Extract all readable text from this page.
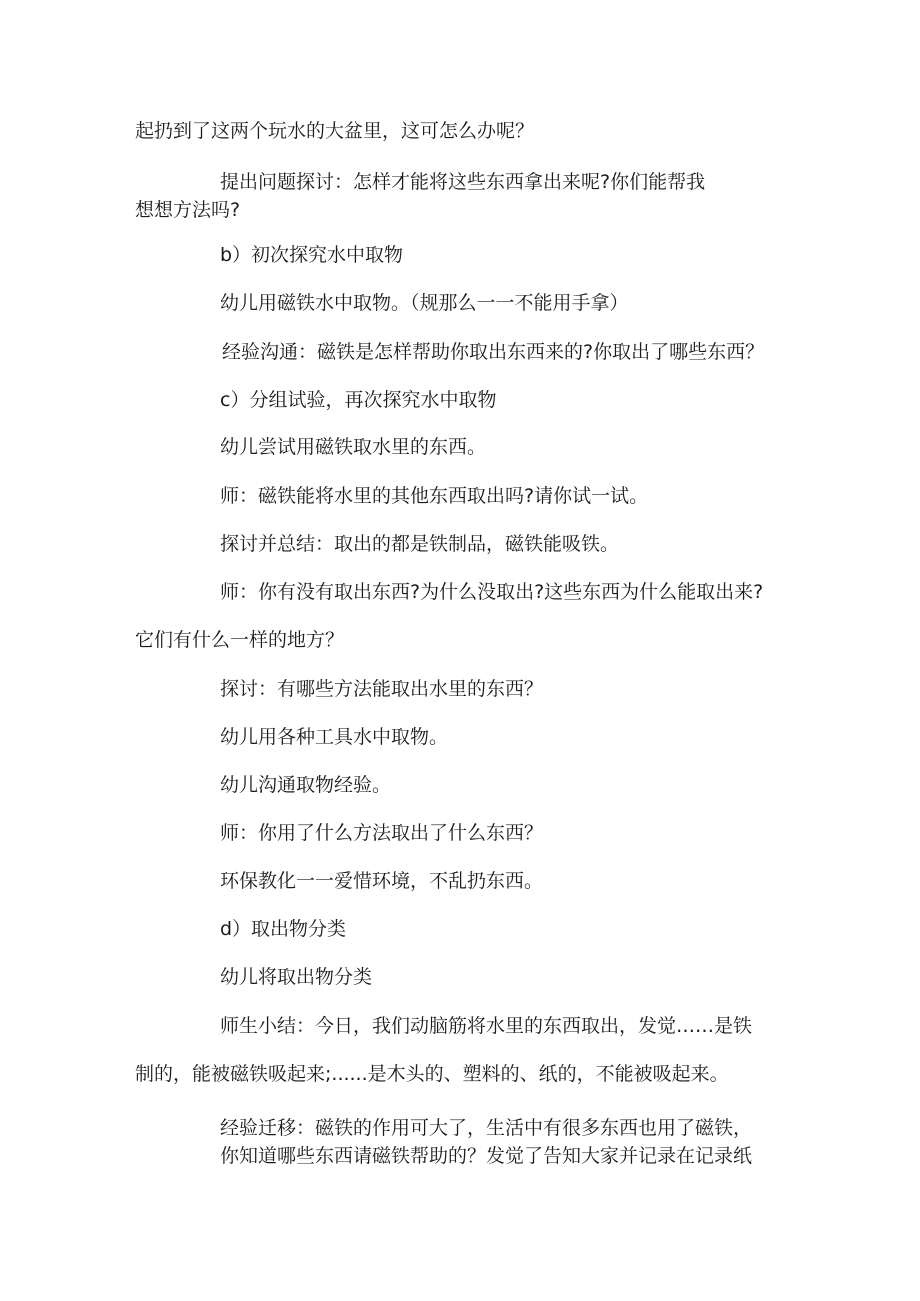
起扔到了这两个玩水的大盆里，这可怎么办呢？

提出问题探讨：怎样才能将这些东西拿出来呢?你们能帮我

想想方法吗?

b）初次探究水中取物

幼儿用磁铁水中取物。（规那么一一不能用手拿）

经验沟通：磁铁是怎样帮助你取出东西来的?你取出了哪些东西？

c）分组试验，再次探究水中取物

幼儿尝试用磁铁取水里的东西。

师：磁铁能将水里的其他东西取出吗?请你试一试。

探讨并总结：取出的都是铁制品，磁铁能吸铁。

师：你有没有取出东西?为什么没取出?这些东西为什么能取出来?

它们有什么一样的地方？

探讨：有哪些方法能取出水里的东西？

幼儿用各种工具水中取物。

幼儿沟通取物经验。

师：你用了什么方法取出了什么东西？

环保教化一一爱惜环境，不乱扔东西。

d）取出物分类

幼儿将取出物分类

师生小结：今日，我们动脑筋将水里的东西取出，发觉……是铁

制的，能被磁铁吸起来;......是木头的、塑料的、纸的，不能被吸起来。

经验迁移：磁铁的作用可大了，生活中有很多东西也用了磁铁，

你知道哪些东西请磁铁帮助的？发觉了告知大家并记录在记录纸
